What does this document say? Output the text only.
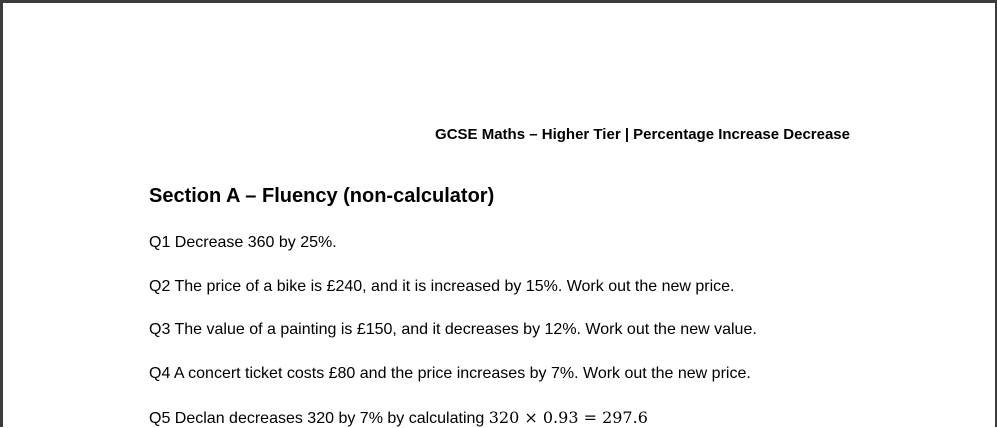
GCSE Maths – Higher Tier | Percentage Increase Decrease
Section A – Fluency (non-calculator)
Q1 Decrease 360 by 25%.
Q2 The price of a bike is £240, and it is increased by 15%. Work out the new price.
Q3 The value of a painting is £150, and it decreases by 12%. Work out the new value.
Q4 A concert ticket costs £80 and the price increases by 7%. Work out the new price.
Q5 Declan decreases 320 by 7% by calculating 320 × 0.93 = 297.6
